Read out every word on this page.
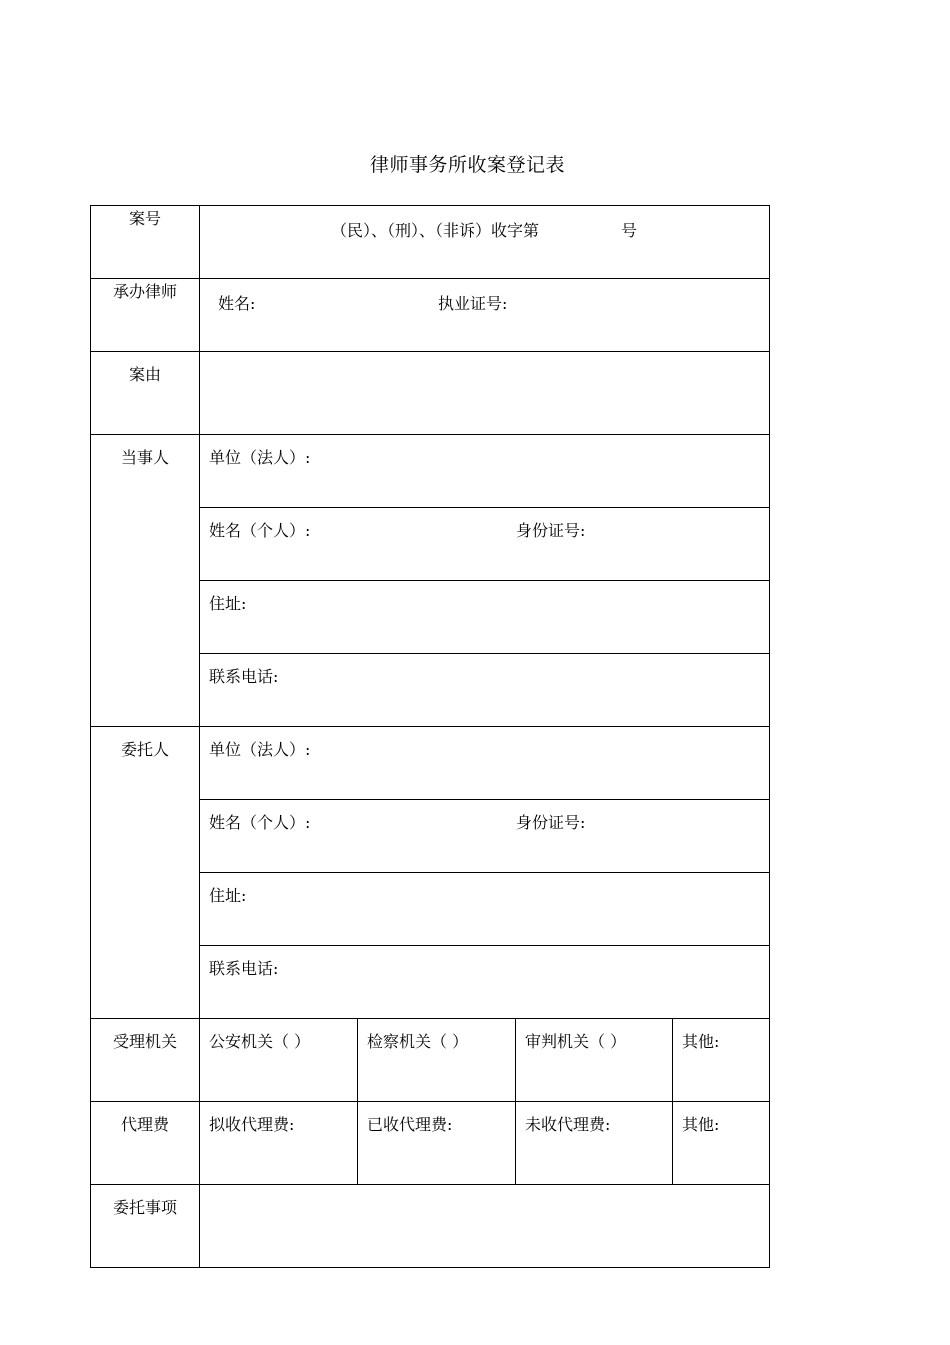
律师事务所收案登记表
案号	（民）、（刑）、（非诉）收字第 号			

承办律师	姓名: 执业证号:			

案由				

当事人	单位（法人）:			

	姓名（个人）: 身份证号:			

	住址:			

	联系电话:			

委托人	单位（法人）:			

	姓名（个人）: 身份证号:			

	住址:			

	联系电话:			

受理机关	公安机关（ ）	检察机关（ ）	审判机关（ ）	其他:

代理费	拟收代理费:	已收代理费:	未收代理费:	其他:

委托事项				
